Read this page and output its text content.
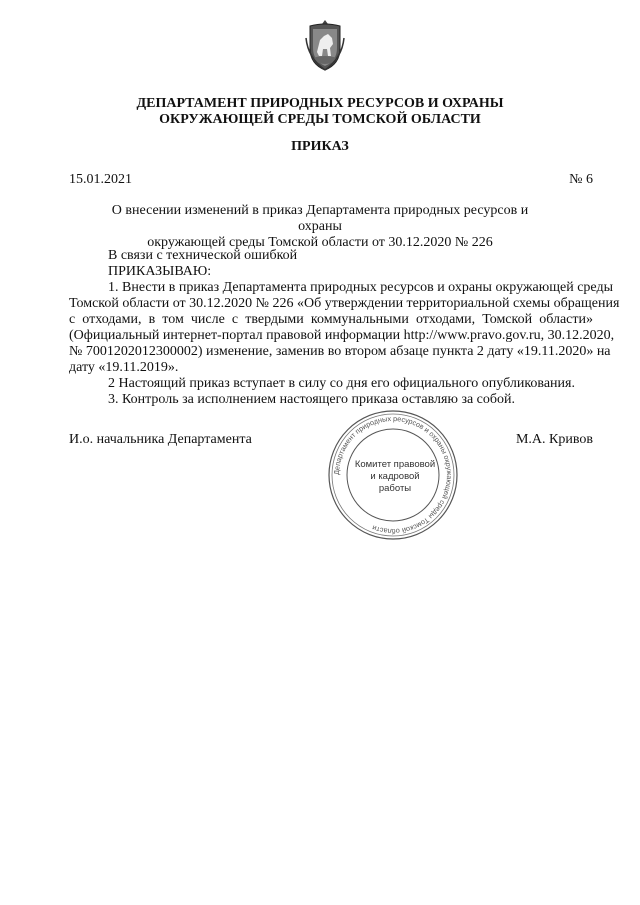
ДЕПАРТАМЕНТ ПРИРОДНЫХ РЕСУРСОВ И ОХРАНЫ
ОКРУЖАЮЩЕЙ СРЕДЫ ТОМСКОЙ ОБЛАСТИ
ПРИКАЗ
15.01.2021	№ 6
О внесении изменений в приказ Департамента природных ресурсов и охраны
окружающей среды Томской области от 30.12.2020 № 226
В связи с технической ошибкой
ПРИКАЗЫВАЮ:
1. Внести в приказ Департамента природных ресурсов и охраны окружающей среды
Томской области от 30.12.2020 № 226 «Об утверждении территориальной схемы обращения
с отходами, в том числе с твердыми коммунальными отходами, Томской области»
(Официальный интернет-портал правовой информации http://www.pravo.gov.ru, 30.12.2020,
№ 7001202012300002) изменение, заменив во втором абзаце пункта 2 дату «19.11.2020» на
дату «19.11.2019».
2 Настоящий приказ вступает в силу со дня его официального опубликования.
3. Контроль за исполнением настоящего приказа оставляю за собой.
И.о. начальника Департамента	М.А. Кривов
Департамент природных ресурсов и охраны окружающей среды Томской области
Комитет правовой
и кадровой
работы
